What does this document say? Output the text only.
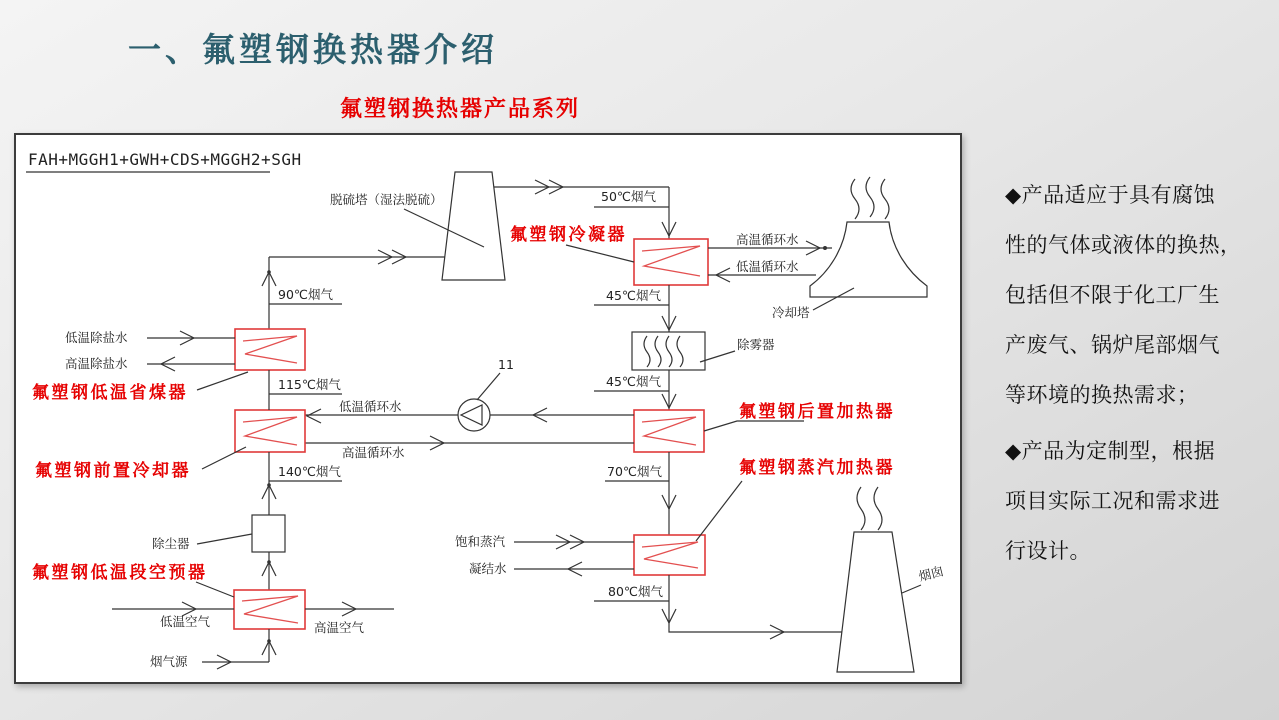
一、氟塑钢换热器介绍
氟塑钢换热器产品系列
FAH+MGGH1+GWH+CDS+MGGH2+SGH
脱硫塔（湿法脱硫）
90℃烟气
50℃烟气
氟塑钢冷凝器	高温循环水
低温循环水
冷却塔
45℃烟气
除雾器
45℃烟气
氟塑钢后置加热器
低温循环水
高温循环水
11
氟塑钢前置冷却器	140℃烟气
除尘器
氟塑钢低温段空预器
低温空气	高温空气
烟气源
氟塑钢低温省煤器	115℃烟气
低温除盐水
高温除盐水
70℃烟气	氟塑钢蒸汽加热器
饱和蒸汽
凝结水
80℃烟气
烟囱
◆产品适应于具有腐蚀
性的气体或液体的换热，
包括但不限于化工厂生
产废气、锅炉尾部烟气
等环境的换热需求；
◆产品为定制型，根据
项目实际工况和需求进
行设计。
